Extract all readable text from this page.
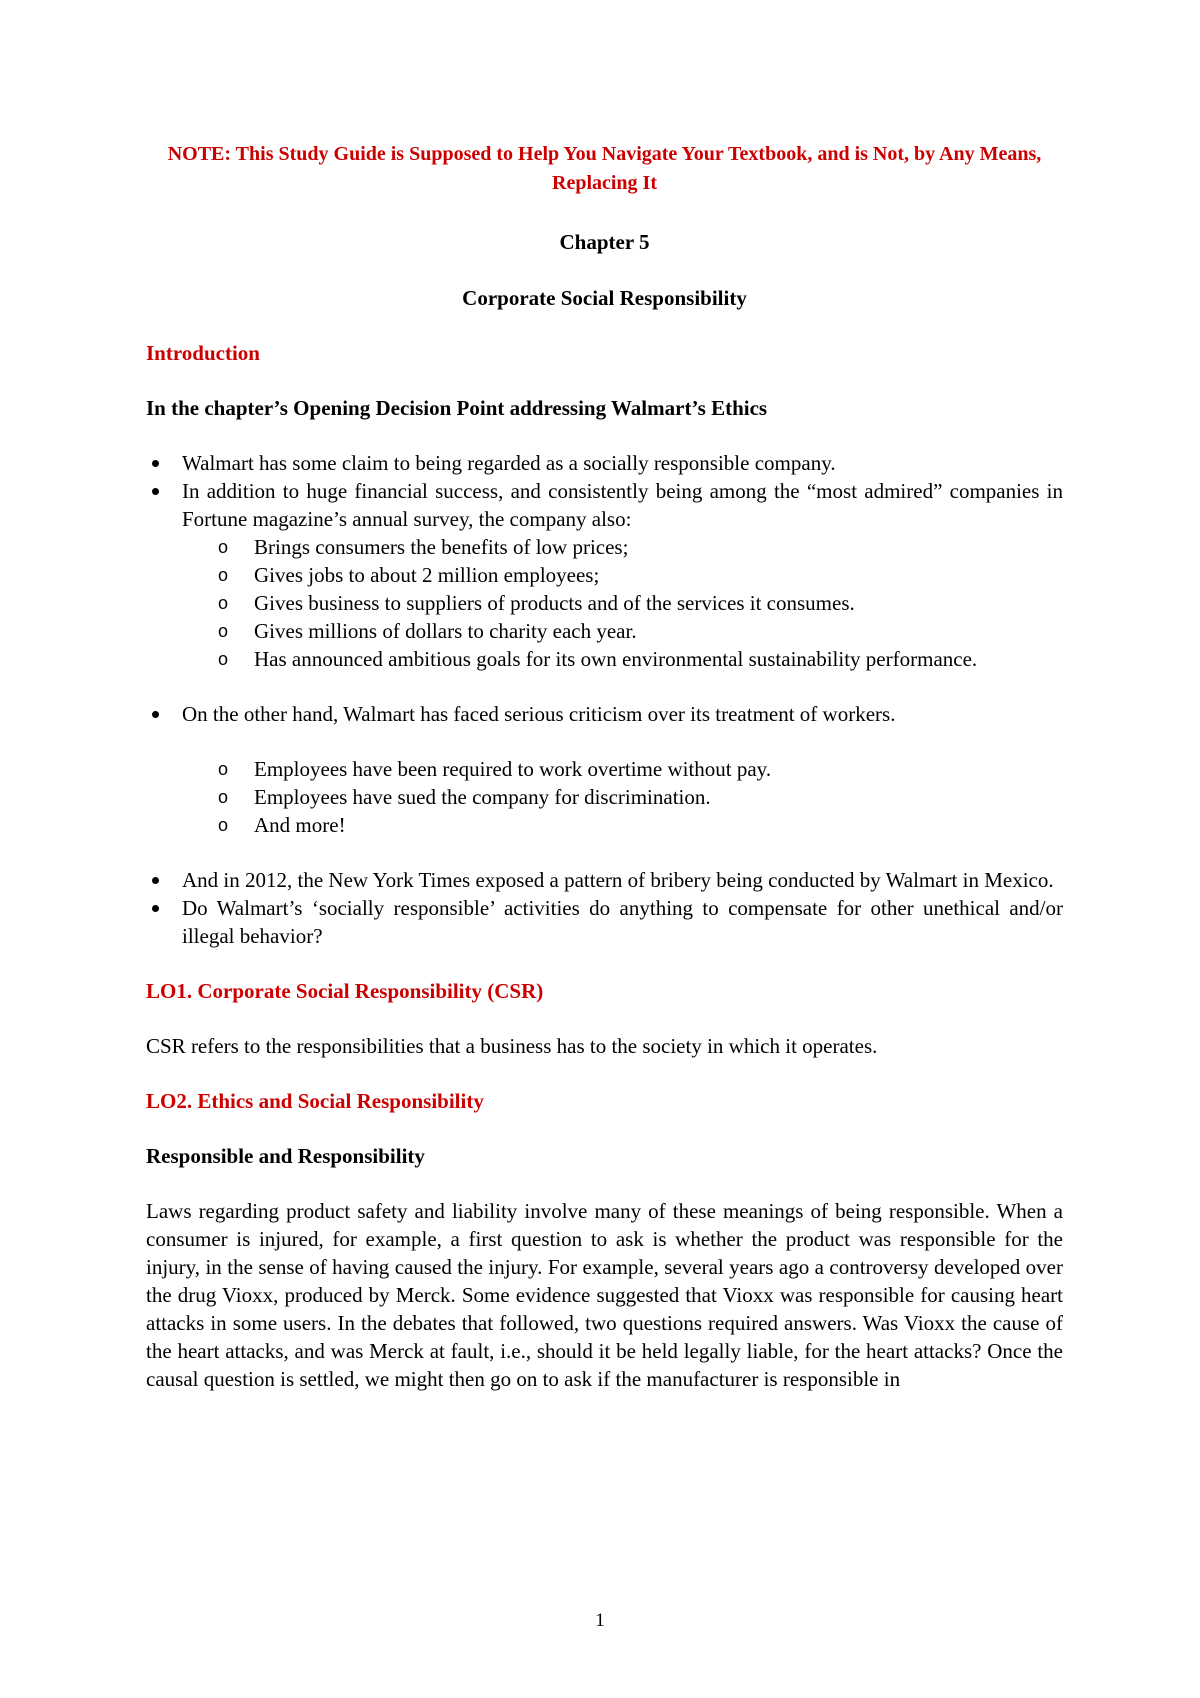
NOTE: This Study Guide is Supposed to Help You Navigate Your Textbook, and is Not, by Any Means, Replacing It

Chapter 5

Corporate Social Responsibility

Introduction

In the chapter’s Opening Decision Point addressing Walmart’s Ethics

Walmart has some claim to being regarded as a socially responsible company.
In addition to huge financial success, and consistently being among the “most admired” companies in Fortune magazine’s annual survey, the company also:
o Brings consumers the benefits of low prices;
o Gives jobs to about 2 million employees;
o Gives business to suppliers of products and of the services it consumes.
o Gives millions of dollars to charity each year.
o Has announced ambitious goals for its own environmental sustainability performance.
On the other hand, Walmart has faced serious criticism over its treatment of workers.
o Employees have been required to work overtime without pay.
o Employees have sued the company for discrimination.
o And more!
And in 2012, the New York Times exposed a pattern of bribery being conducted by Walmart in Mexico.
Do Walmart’s ‘socially responsible’ activities do anything to compensate for other unethical and/or illegal behavior?

LO1. Corporate Social Responsibility (CSR)

CSR refers to the responsibilities that a business has to the society in which it operates.

LO2. Ethics and Social Responsibility

Responsible and Responsibility

Laws regarding product safety and liability involve many of these meanings of being responsible. When a consumer is injured, for example, a first question to ask is whether the product was responsible for the injury, in the sense of having caused the injury. For example, several years ago a controversy developed over the drug Vioxx, produced by Merck. Some evidence suggested that Vioxx was responsible for causing heart attacks in some users. In the debates that followed, two questions required answers. Was Vioxx the cause of the heart attacks, and was Merck at fault, i.e., should it be held legally liable, for the heart attacks? Once the causal question is settled, we might then go on to ask if the manufacturer is responsible in

1
